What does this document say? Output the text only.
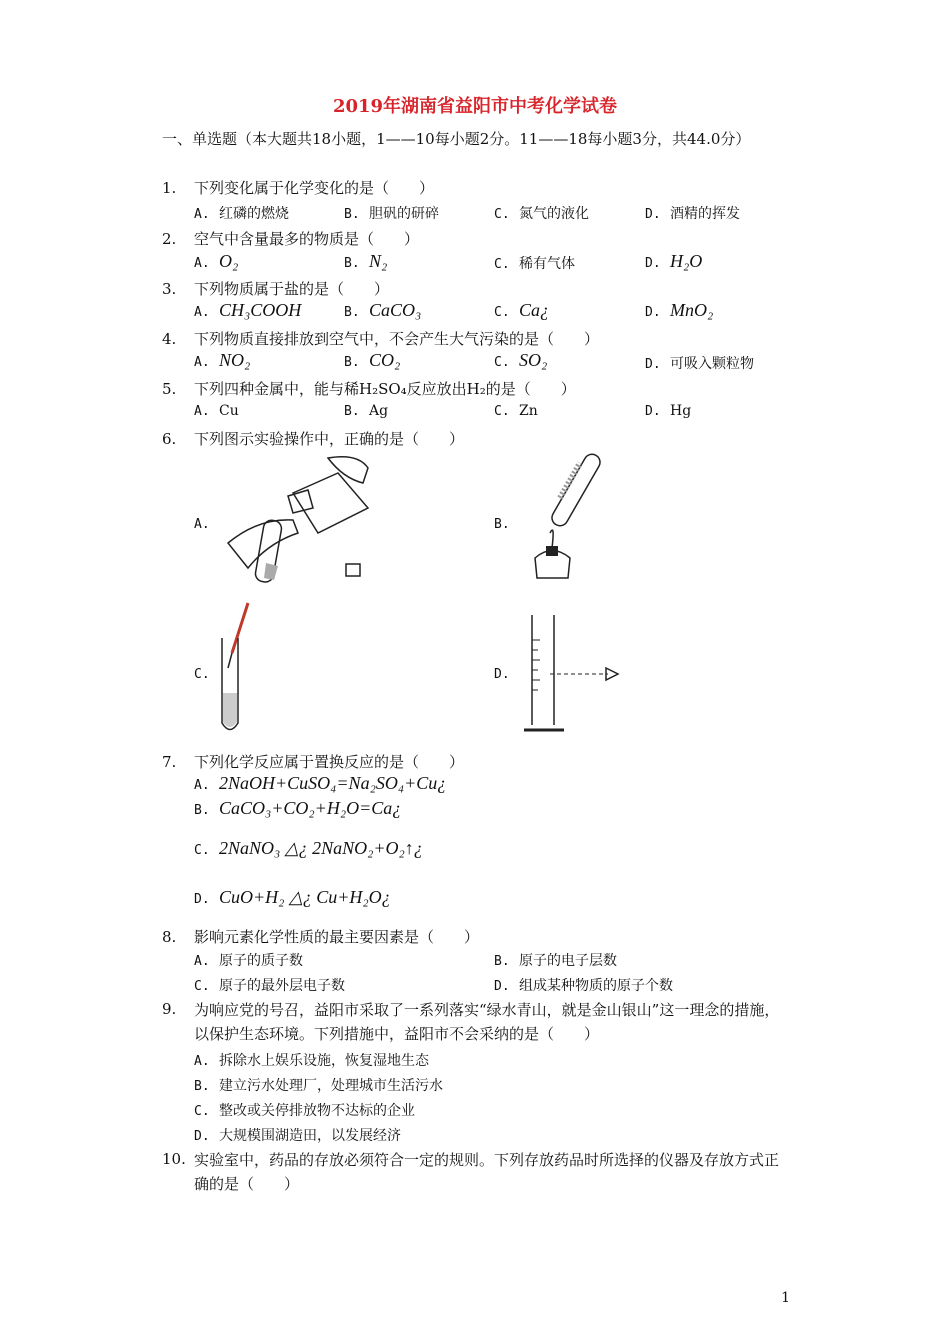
2019年湖南省益阳市中考化学试卷
一、单选题（本大题共18小题，1——10每小题2分。11——18每小题3分，共44.0分）
1. 下列变化属于化学变化的是（　　）
A. 红磷的燃烧	B. 胆矾的研碎	C. 氮气的液化	D. 酒精的挥发
2. 空气中含量最多的物质是（　　）
A. O₂	B. N₂	C. 稀有气体	D. H₂O
3. 下列物质属于盐的是（　　）
A. CH₃COOH	B. CaCO₃	C. Ca¿	D. MnO₂
4. 下列物质直接排放到空气中，不会产生大气污染的是（　　）
A. NO₂	B. CO₂	C. SO₂	D. 可吸入颗粒物
5. 下列四种金属中，能与稀H₂SO₄反应放出H₂的是（　　）
A. Cu	B. Ag	C. Zn	D. Hg
6. 下列图示实验操作中，正确的是（　　）
A.	B.
C.	D.
7. 下列化学反应属于置换反应的是（　　）
A. 2NaOH+CuSO₄=Na₂SO₄+Cu¿
B. CaCO₃+CO₂+H₂O=Ca¿
C. 2NaNO₃ △¿ 2NaNO₂+O₂↑¿
D. CuO+H₂ △¿ Cu+H₂O¿
8. 影响元素化学性质的最主要因素是（　　）
A. 原子的质子数	B. 原子的电子层数
C. 原子的最外层电子数	D. 组成某种物质的原子个数
9.	为响应党的号召，益阳市采取了一系列落实“绿水青山，就是金山银山”这一理念的措施，以保护生态环境。下列措施中，益阳市不会采纳的是（　　）
A. 拆除水上娱乐设施，恢复湿地生态
B. 建立污水处理厂，处理城市生活污水
C. 整改或关停排放物不达标的企业
D. 大规模围湖造田，以发展经济
10. 实验室中，药品的存放必须符合一定的规则。下列存放药品时所选择的仪器及存放方式正确的是（　　）
1
